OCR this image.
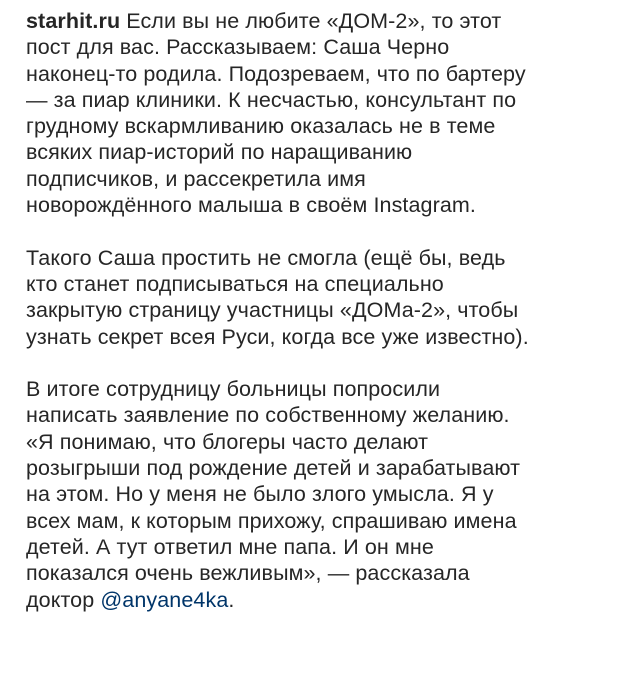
starhit.ru Если вы не любите «ДОМ-2», то этот
пост для вас. Рассказываем: Саша Черно
наконец-то родила. Подозреваем, что по бартеру
— за пиар клиники. К несчастью, консультант по
грудному вскармливанию оказалась не в теме
всяких пиар-историй по наращиванию
подписчиков, и рассекретила имя
новорождённого малыша в своём Instagram.

Такого Саша простить не смогла (ещё бы, ведь
кто станет подписываться на специально
закрытую страницу участницы «ДОМа-2», чтобы
узнать секрет всея Руси, когда все уже известно).

В итоге сотрудницу больницы попросили
написать заявление по собственному желанию.
«Я понимаю, что блогеры часто делают
розыгрыши под рождение детей и зарабатывают
на этом. Но у меня не было злого умысла. Я у
всех мам, к которым прихожу, спрашиваю имена
детей. А тут ответил мне папа. И он мне
показался очень вежливым», — рассказала
доктор @anyane4ka.
